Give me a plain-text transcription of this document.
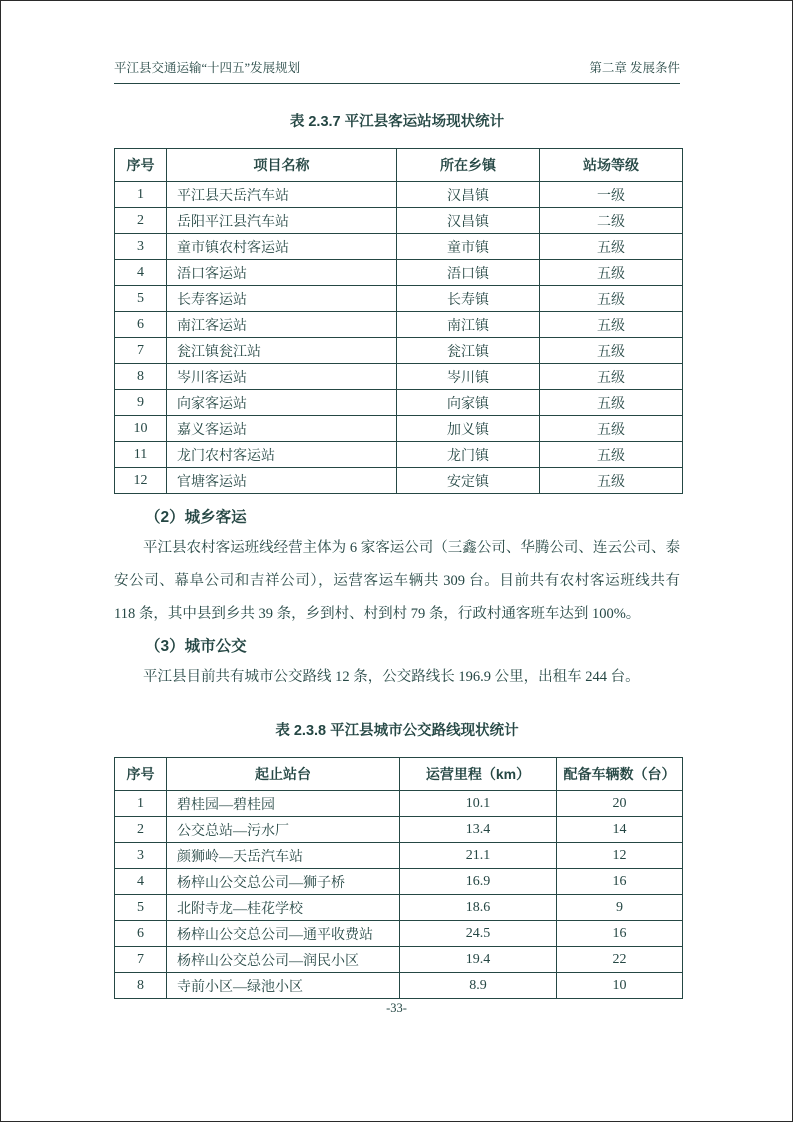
平江县交通运输“十四五”发展规划	第二章 发展条件
表 2.3.7 平江县客运站场现状统计
序号	项目名称	所在乡镇	站场等级
1	平江县天岳汽车站	汉昌镇	一级
2	岳阳平江县汽车站	汉昌镇	二级
3	童市镇农村客运站	童市镇	五级
4	浯口客运站	浯口镇	五级
5	长寿客运站	长寿镇	五级
6	南江客运站	南江镇	五级
7	瓮江镇瓮江站	瓮江镇	五级
8	岑川客运站	岑川镇	五级
9	向家客运站	向家镇	五级
10	嘉义客运站	加义镇	五级
11	龙门农村客运站	龙门镇	五级
12	官塘客运站	安定镇	五级
（2）城乡客运
平江县农村客运班线经营主体为 6 家客运公司（三鑫公司、华腾公司、连云公司、泰安公司、幕阜公司和吉祥公司），运营客运车辆共 309 台。目前共有农村客运班线共有 118 条，其中县到乡共 39 条，乡到村、村到村 79 条，行政村通客班车达到 100%。
（3）城市公交
平江县目前共有城市公交路线 12 条，公交路线长 196.9 公里，出租车 244 台。
表 2.3.8 平江县城市公交路线现状统计
序号	起止站台	运营里程（km）	配备车辆数（台）
1	碧桂园—碧桂园	10.1	20
2	公交总站—污水厂	13.4	14
3	颜狮岭—天岳汽车站	21.1	12
4	杨梓山公交总公司—狮子桥	16.9	16
5	北附寺龙—桂花学校	18.6	9
6	杨梓山公交总公司—通平收费站	24.5	16
7	杨梓山公交总公司—润民小区	19.4	22
8	寺前小区—绿池小区	8.9	10
-33-
